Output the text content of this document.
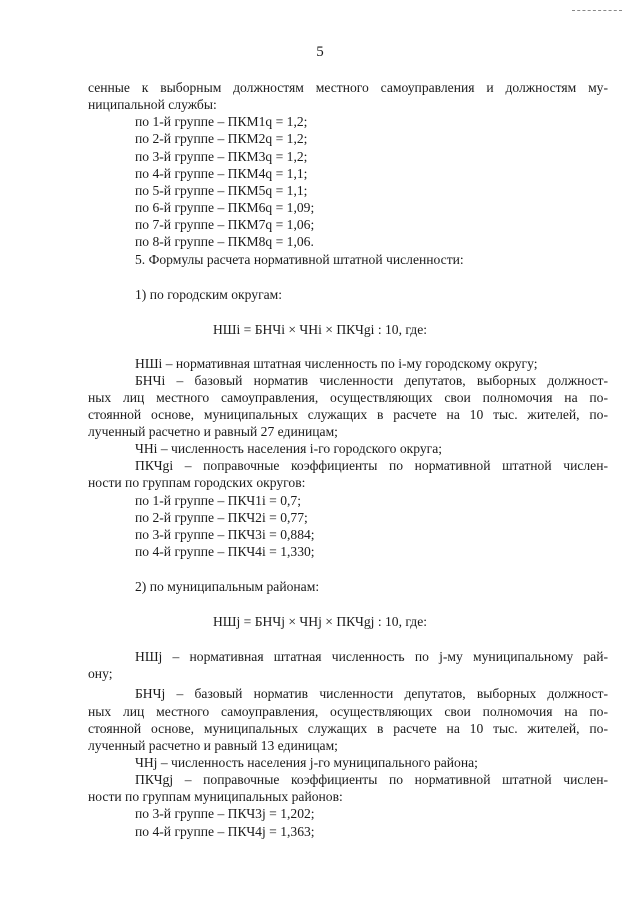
5
сенные к выборным должностям местного самоуправления и должностям му-
ниципальной службы:
по 1-й группе – ПКМ1q = 1,2;
по 2-й группе – ПКМ2q = 1,2;
по 3-й группе – ПКМ3q = 1,2;
по 4-й группе – ПКМ4q = 1,1;
по 5-й группе – ПКМ5q = 1,1;
по 6-й группе – ПКМ6q = 1,09;
по 7-й группе – ПКМ7q = 1,06;
по 8-й группе – ПКМ8q = 1,06.
5. Формулы расчета нормативной штатной численности:
1) по городским округам:
НШi = БНЧi × ЧНi × ПКЧgi : 10, где:
НШi – нормативная штатная численность по i-му городскому округу;
БНЧi – базовый норматив численности депутатов, выборных должност-
ных лиц местного самоуправления, осуществляющих свои полномочия на по-
стоянной основе, муниципальных служащих в расчете на 10 тыс. жителей, по-
лученный расчетно и равный 27 единицам;
ЧНi – численность населения i-го городского округа;
ПКЧgi – поправочные коэффициенты по нормативной штатной числен-
ности по группам городских округов:
по 1-й группе – ПКЧ1i = 0,7;
по 2-й группе – ПКЧ2i = 0,77;
по 3-й группе – ПКЧ3i = 0,884;
по 4-й группе – ПКЧ4i = 1,330;
2) по муниципальным районам:
НШj = БНЧj × ЧНj × ПКЧgj : 10, где:
НШj – нормативная штатная численность по j-му муниципальному рай-
ону;
БНЧj – базовый норматив численности депутатов, выборных должност-
ных лиц местного самоуправления, осуществляющих свои полномочия на по-
стоянной основе, муниципальных служащих в расчете на 10 тыс. жителей, по-
лученный расчетно и равный 13 единицам;
ЧНj – численность населения j-го муниципального района;
ПКЧgj – поправочные коэффициенты по нормативной штатной числен-
ности по группам муниципальных районов:
по 3-й группе – ПКЧ3j = 1,202;
по 4-й группе – ПКЧ4j = 1,363;
